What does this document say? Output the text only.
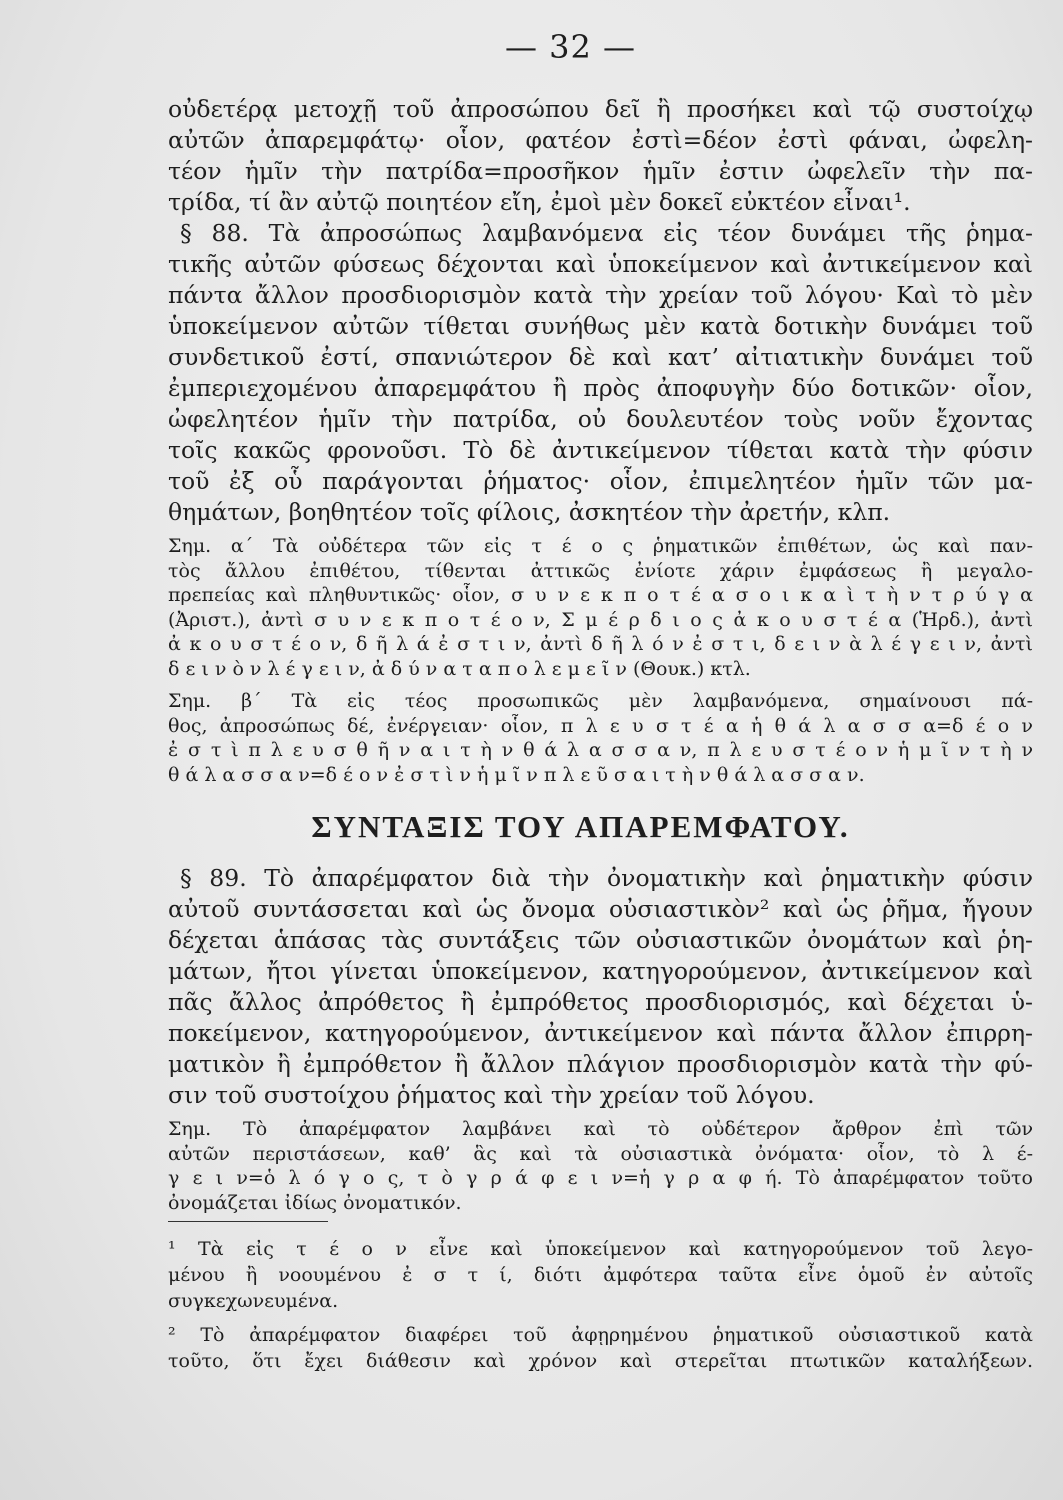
— 32 —
οὐδετέρᾳ μετοχῇ τοῦ ἀπροσώπου δεῖ ἢ προσήκει καὶ τῷ συστοίχῳ
αὐτῶν ἀπαρεμφάτῳ· οἷον, φατέον ἐστὶ=δέον ἐστὶ φάναι, ὠφελη-
τέον ἡμῖν τὴν πατρίδα=προσῆκον ἡμῖν ἐστιν ὠφελεῖν τὴν πα-
τρίδα, τί ἂν αὐτῷ ποιητέον εἴη, ἐμοὶ μὲν δοκεῖ εὐκτέον εἶναι¹.
§ 88. Τὰ ἀπροσώπως λαμβανόμενα εἰς τέον δυνάμει τῆς ῥημα-
τικῆς αὐτῶν φύσεως δέχονται καὶ ὑποκείμενον καὶ ἀντικείμενον καὶ
πάντα ἄλλον προσδιορισμὸν κατὰ τὴν χρείαν τοῦ λόγου· Καὶ τὸ μὲν
ὑποκείμενον αὐτῶν τίθεται συνήθως μὲν κατὰ δοτικὴν δυνάμει τοῦ
συνδετικοῦ ἐστί, σπανιώτερον δὲ καὶ κατ’ αἰτιατικὴν δυνάμει τοῦ
ἐμπεριεχομένου ἀπαρεμφάτου ἢ πρὸς ἀποφυγὴν δύο δοτικῶν· οἷον,
ὠφελητέον ἡμῖν τὴν πατρίδα, οὐ δουλευτέον τοὺς νοῦν ἔχοντας
τοῖς κακῶς φρονοῦσι. Τὸ δὲ ἀντικείμενον τίθεται κατὰ τὴν φύσιν
τοῦ ἐξ οὗ παράγονται ῥήματος· οἷον, ἐπιμελητέον ἡμῖν τῶν μα-
θημάτων, βοηθητέον τοῖς φίλοις, ἀσκητέον τὴν ἀρετήν, κλπ.
Σημ. α΄ Τὰ οὐδέτερα τῶν εἰς τ έ ο ς ῥηματικῶν ἐπιθέτων, ὡς καὶ παν-
τὸς ἄλλου ἐπιθέτου, τίθενται ἀττικῶς ἐνίοτε χάριν ἐμφάσεως ἢ μεγαλο-
πρεπείας καὶ πληθυντικῶς· οἷον, σ υ ν ε κ π ο τ έ α σ ο ι κ α ὶ τ ὴ ν τ ρ ύ γ α
(Ἀριστ.), ἀντὶ σ υ ν ε κ π ο τ έ ο ν, Σ μ έ ρ δ ι ο ς ἀ κ ο υ σ τ έ α (Ἡρδ.), ἀντὶ
ἀ κ ο υ σ τ έ ο ν, δ ῆ λ ά ἐ σ τ ι ν, ἀντὶ δ ῆ λ ό ν ἐ σ τ ι, δ ε ι ν ὰ λ έ γ ε ι ν, ἀντὶ
δ ε ι ν ὸ ν λ έ γ ε ι ν, ἀ δ ύ ν α τ α π ο λ ε μ ε ῖ ν (Θουκ.) κτλ.
Σημ. β΄ Τὰ εἰς τέος προσωπικῶς μὲν λαμβανόμενα, σημαίνουσι πά-
θος, ἀπροσώπως δέ, ἐνέργειαν· οἷον, π λ ε υ σ τ έ α ἡ θ ά λ α σ σ α=δ έ ο ν
ἐ σ τ ὶ π λ ε υ σ θ ῆ ν α ι τ ὴ ν θ ά λ α σ σ α ν, π λ ε υ σ τ έ ο ν ἡ μ ῖ ν τ ὴ ν
θ ά λ α σ σ α ν=δ έ ο ν ἐ σ τ ὶ ν ἡ μ ῖ ν π λ ε ῦ σ α ι τ ὴ ν θ ά λ α σ σ α ν.
ΣΥΝΤΑΞΙΣ ΤΟΥ ΑΠΑΡΕΜΦΑΤΟΥ.
§ 89. Τὸ ἀπαρέμφατον διὰ τὴν ὀνοματικὴν καὶ ῥηματικὴν φύσιν
αὐτοῦ συντάσσεται καὶ ὡς ὄνομα οὐσιαστικὸν² καὶ ὡς ῥῆμα, ἤγουν
δέχεται ἁπάσας τὰς συντάξεις τῶν οὐσιαστικῶν ὀνομάτων καὶ ῥη-
μάτων, ἤτοι γίνεται ὑποκείμενον, κατηγορούμενον, ἀντικείμενον καὶ
πᾶς ἄλλος ἀπρόθετος ἢ ἐμπρόθετος προσδιορισμός, καὶ δέχεται ὑ-
ποκείμενον, κατηγορούμενον, ἀντικείμενον καὶ πάντα ἄλλον ἐπιρρη-
ματικὸν ἢ ἐμπρόθετον ἢ ἄλλον πλάγιον προσδιορισμὸν κατὰ τὴν φύ-
σιν τοῦ συστοίχου ῥήματος καὶ τὴν χρείαν τοῦ λόγου.
Σημ. Τὸ ἀπαρέμφατον λαμβάνει καὶ τὸ οὐδέτερον ἄρθρον ἐπὶ τῶν
αὐτῶν περιστάσεων, καθ’ ἃς καὶ τὰ οὐσιαστικὰ ὀνόματα· οἷον, τὸ λ έ-
γ ε ι ν=ὁ λ ό γ ο ς, τ ὸ γ ρ ά φ ε ι ν=ἡ γ ρ α φ ή. Τὸ ἀπαρέμφατον τοῦτο
ὀνομάζεται ἰδίως ὀνοματικόν.
¹ Τὰ εἰς τ έ ο ν εἶνε καὶ ὑποκείμενον καὶ κατηγορούμενον τοῦ λεγο-
μένου ἢ νοουμένου ἐ σ τ ί, διότι ἀμφότερα ταῦτα εἶνε ὁμοῦ ἐν αὐτοῖς
συγκεχωνευμένα.
² Τὸ ἀπαρέμφατον διαφέρει τοῦ ἀφῃρημένου ῥηματικοῦ οὐσιαστικοῦ κατὰ
τοῦτο, ὅτι ἔχει διάθεσιν καὶ χρόνον καὶ στερεῖται πτωτικῶν καταλήξεων.
